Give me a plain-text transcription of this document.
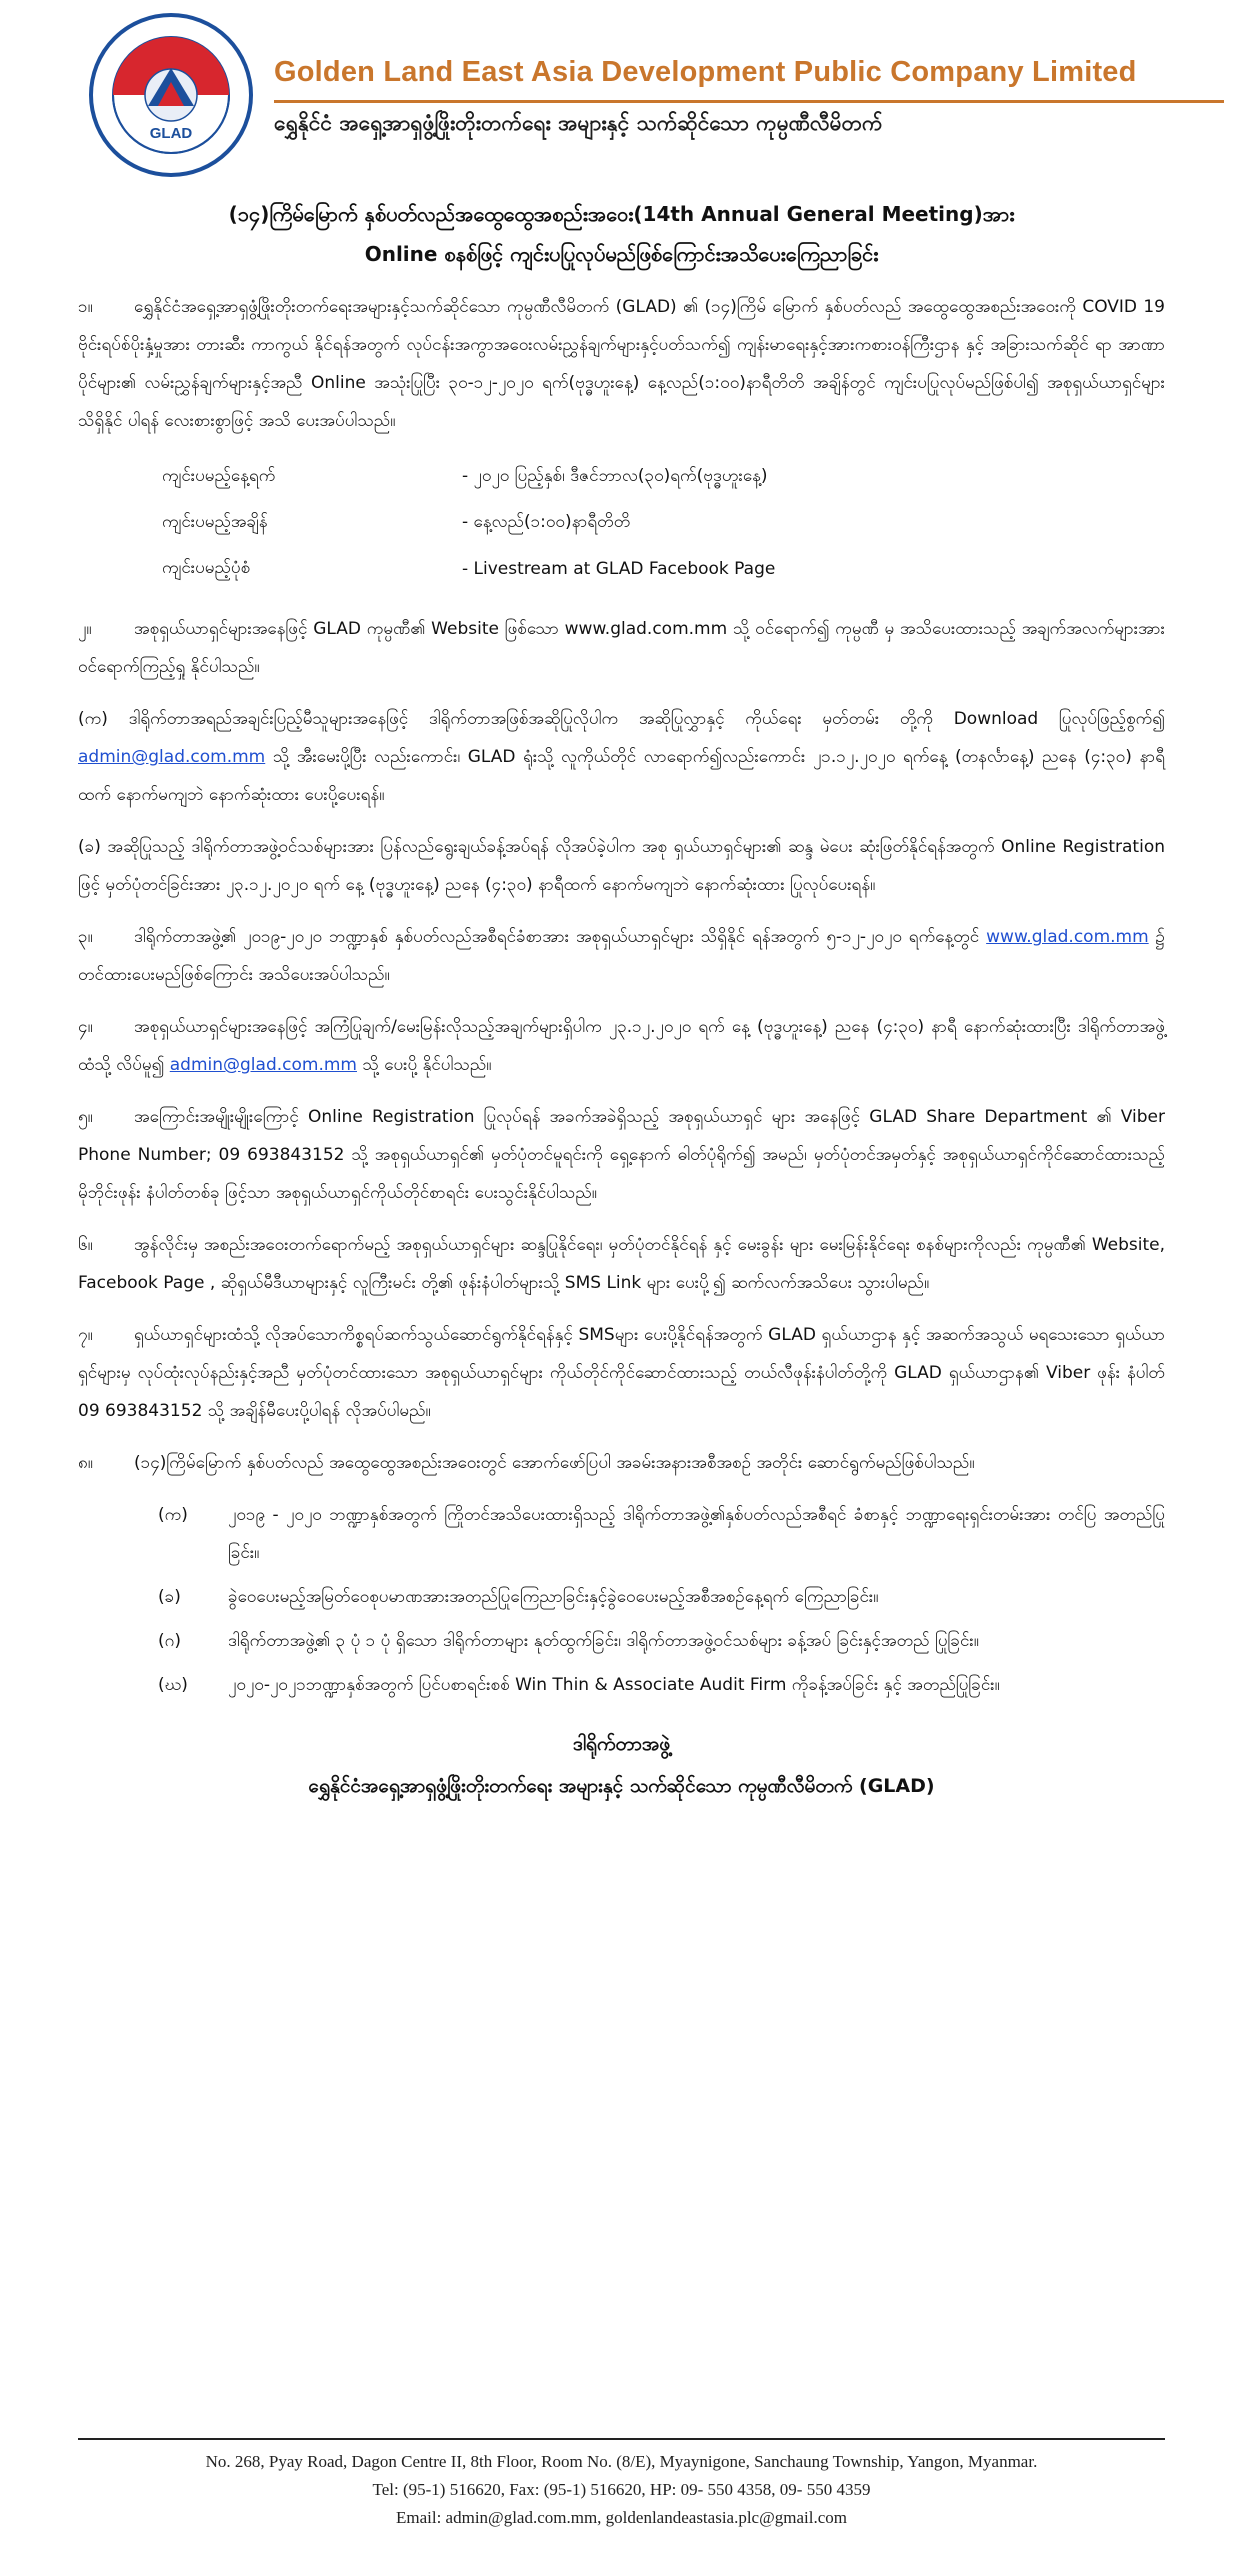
GLAD
Golden Land East Asia Development Public Company Limited
ရွှေနိုင်ငံ အရှေ့အာရှဖွံ့ဖြိုးတိုးတက်ရေး အများနှင့် သက်ဆိုင်သော ကုမ္ပဏီလီမိတက်
(၁၄)ကြိမ်မြောက် နှစ်ပတ်လည်အထွေထွေအစည်းအဝေး(14th Annual General Meeting)အား
Online စနစ်ဖြင့် ကျင်းပပြုလုပ်မည်ဖြစ်ကြောင်းအသိပေးကြေညာခြင်း

၁။ ရွှေနိုင်ငံအရှေ့အာရှဖွံ့ဖြိုးတိုးတက်ရေးအများနှင့်သက်ဆိုင်သော ကုမ္ပဏီလီမိတက် (GLAD) ၏ (၁၄)ကြိမ် မြောက် နှစ်ပတ်လည် အထွေထွေအစည်းအဝေးကို COVID 19 ဗိုင်းရပ်စ်ပိုးနှံ့မှုအား တားဆီး ကာကွယ် နိုင်ရန်အတွက် လုပ်ငန်းအကွာအဝေးလမ်းညွှန်ချက်များနှင့်ပတ်သက်၍ ကျန်းမာရေးနှင့်အားကစားဝန်ကြီးဌာန နှင့် အခြားသက်ဆိုင် ရာ အာဏာ ပိုင်များ၏ လမ်းညွှန်ချက်များနှင့်အညီ Online အသုံးပြုပြီး ၃၀-၁၂-၂၀၂၀ ရက်(ဗုဒ္ဓဟူးနေ့) နေ့လည်(၁:၀၀)နာရီတိတိ အချိန်တွင် ကျင်းပပြုလုပ်မည်ဖြစ်ပါ၍ အစုရှယ်ယာရှင်များ သိရှိနိုင် ပါရန် လေးစားစွာဖြင့် အသိ ပေးအပ်ပါသည်။

ကျင်းပမည့်နေ့ရက်	- ၂၀၂၀ ပြည့်နှစ်၊ ဒီဇင်ဘာလ(၃၀)ရက်(ဗုဒ္ဓဟူးနေ့)
ကျင်းပမည့်အချိန်	- နေ့လည်(၁:၀၀)နာရီတိတိ
ကျင်းပမည့်ပုံစံ	- Livestream at GLAD Facebook Page

၂။	အစုရှယ်ယာရှင်များအနေဖြင့် GLAD ကုမ္ပဏီ၏ Website ဖြစ်သော www.glad.com.mm သို့ ဝင်ရောက်၍ ကုမ္ပဏီ မှ အသိပေးထားသည့် အချက်အလက်များအား ဝင်ရောက်ကြည့်ရှု နိုင်ပါသည်။

(က) ဒါရိုက်တာအရည်အချင်းပြည့်မီသူများအနေဖြင့် ဒါရိုက်တာအဖြစ်အဆိုပြုလိုပါက အဆိုပြုလွှာနှင့် ကိုယ်ရေး မှတ်တမ်း တို့ကို Download ပြုလုပ်ဖြည့်စွက်၍ admin@glad.com.mm သို့ အီးမေးပို့ပြီး လည်းကောင်း၊ GLAD ရုံးသို့ လူကိုယ်တိုင် လာရောက်၍လည်းကောင်း ၂၁.၁၂.၂၀၂၀ ရက်နေ့ (တနင်္လာနေ့) ညနေ (၄:၃၀) နာရီထက် နောက်မကျဘဲ နောက်ဆုံးထား ပေးပို့ပေးရန်။

(ခ) အဆိုပြုသည့် ဒါရိုက်တာအဖွဲ့ဝင်သစ်များအား ပြန်လည်ရွေးချယ်ခန့်အပ်ရန် လိုအပ်ခဲ့ပါက အစု ရှယ်ယာရှင်များ၏ ဆန္ဒ မဲပေး ဆုံးဖြတ်နိုင်ရန်အတွက် Online Registration ဖြင့် မှတ်ပုံတင်ခြင်းအား ၂၃.၁၂.၂၀၂၀ ရက် နေ့ (ဗုဒ္ဓဟူးနေ့) ညနေ (၄:၃၀) နာရီထက် နောက်မကျဘဲ နောက်ဆုံးထား ပြုလုပ်ပေးရန်။

၃။ ဒါရိုက်တာအဖွဲ့၏ ၂၀၁၉-၂၀၂၀ ဘဏ္ဍာနှစ် နှစ်ပတ်လည်အစီရင်ခံစာအား အစုရှယ်ယာရှင်များ သိရှိနိုင် ရန်အတွက် ၅-၁၂-၂၀၂၀ ရက်နေ့တွင် www.glad.com.mm ၌ တင်ထားပေးမည်ဖြစ်ကြောင်း အသိပေးအပ်ပါသည်။

၄။ အစုရှယ်ယာရှင်များအနေဖြင့် အကြံပြုချက်/မေးမြန်းလိုသည့်အချက်များရှိပါက ၂၃.၁၂.၂၀၂၀ ရက် နေ့ (ဗုဒ္ဓဟူးနေ့) ညနေ (၄:၃၀) နာရီ နောက်ဆုံးထားပြီး ဒါရိုက်တာအဖွဲ့ထံသို့ လိပ်မူ၍ admin@glad.com.mm သို့ ပေးပို့ နိုင်ပါသည်။

၅။ အကြောင်းအမျိုးမျိုးကြောင့် Online Registration ပြုလုပ်ရန် အခက်အခဲရှိသည့် အစုရှယ်ယာရှင် များ အနေဖြင့် GLAD Share Department ၏ Viber Phone Number; 09 693843152 သို့ အစုရှယ်ယာရှင်၏ မှတ်ပုံတင်မူရင်းကို ရှေ့နောက် ဓါတ်ပုံရိုက်၍ အမည်၊ မှတ်ပုံတင်အမှတ်နှင့် အစုရှယ်ယာရှင်ကိုင်ဆောင်ထားသည့် မိုဘိုင်းဖုန်း နံပါတ်တစ်ခု ဖြင့်သာ အစုရှယ်ယာရှင်ကိုယ်တိုင်စာရင်း ပေးသွင်းနိုင်ပါသည်။

၆။ အွန်လိုင်းမှ အစည်းအဝေးတက်ရောက်မည့် အစုရှယ်ယာရှင်များ ဆန္ဒပြုနိုင်ရေး၊ မှတ်ပုံတင်နိုင်ရန် နှင့် မေးခွန်း များ မေးမြန်းနိုင်ရေး စနစ်များကိုလည်း ကုမ္ပဏီ၏ Website, Facebook Page , ဆိုရှယ်မီဒီယာများနှင့် လူကြီးမင်း တို့၏ ဖုန်းနံပါတ်များသို့ SMS Link များ ပေးပို့၍ ဆက်လက်အသိပေး သွားပါမည်။

၇။ ရှယ်ယာရှင်များထံသို့ လိုအပ်သောကိစ္စရပ်ဆက်သွယ်ဆောင်ရွက်နိုင်ရန်နှင့် SMSများ ပေးပို့နိုင်ရန်အတွက် GLAD ရှယ်ယာဌာန နှင့် အဆက်အသွယ် မရသေးသော ရှယ်ယာရှင်များမှ လုပ်ထုံးလုပ်နည်းနှင့်အညီ မှတ်ပုံတင်ထားသော အစုရှယ်ယာရှင်များ ကိုယ်တိုင်ကိုင်ဆောင်ထားသည့် တယ်လီဖုန်းနံပါတ်တို့ကို GLAD ရှယ်ယာဌာန၏ Viber ဖုန်း နံပါတ် 09 693843152 သို့ အချိန်မီပေးပို့ပါရန် လိုအပ်ပါမည်။

၈။ (၁၄)ကြိမ်မြောက် နှစ်ပတ်လည် အထွေထွေအစည်းအဝေးတွင် အောက်ဖော်ပြပါ အခမ်းအနားအစီအစဉ် အတိုင်း ဆောင်ရွက်မည်ဖြစ်ပါသည်။

(က)	၂၀၁၉ - ၂၀၂၀ ဘဏ္ဍာနှစ်အတွက် ကြိုတင်အသိပေးထားရှိသည့် ဒါရိုက်တာအဖွဲ့၏နှစ်ပတ်လည်အစီရင် ခံစာနှင့် ဘဏ္ဍာရေးရှင်းတမ်းအား တင်ပြ အတည်ပြုခြင်း။
(ခ)	ခွဲဝေပေးမည့်အမြတ်ဝေစုပမာဏအားအတည်ပြုကြေညာခြင်းနှင့်ခွဲဝေပေးမည့်အစီအစဉ်နေ့ရက် ကြေညာခြင်း။
(ဂ)	ဒါရိုက်တာအဖွဲ့၏ ၃ ပုံ ၁ ပုံ ရှိသော ဒါရိုက်တာများ နုတ်ထွက်ခြင်း၊ ဒါရိုက်တာအဖွဲ့ဝင်သစ်များ ခန့်အပ် ခြင်းနှင့်အတည် ပြုခြင်း။
(ဃ)	၂၀၂၀-၂၀၂၁ဘဏ္ဍာနှစ်အတွက် ပြင်ပစာရင်းစစ် Win Thin & Associate Audit Firm ကိုခန့်အပ်ခြင်း နှင့် အတည်ပြုခြင်း။
ဒါရိုက်တာအဖွဲ့
ရွှေနိုင်ငံအရှေ့အာရှဖွံ့ဖြိုးတိုးတက်ရေး အများနှင့် သက်ဆိုင်သော ကုမ္ပဏီလီမိတက် (GLAD)
No. 268, Pyay Road, Dagon Centre II, 8th Floor, Room No. (8/E), Myaynigone, Sanchaung Township, Yangon, Myanmar.
Tel: (95-1) 516620, Fax: (95-1) 516620, HP: 09- 550 4358, 09- 550 4359
Email: admin@glad.com.mm, goldenlandeastasia.plc@gmail.com
